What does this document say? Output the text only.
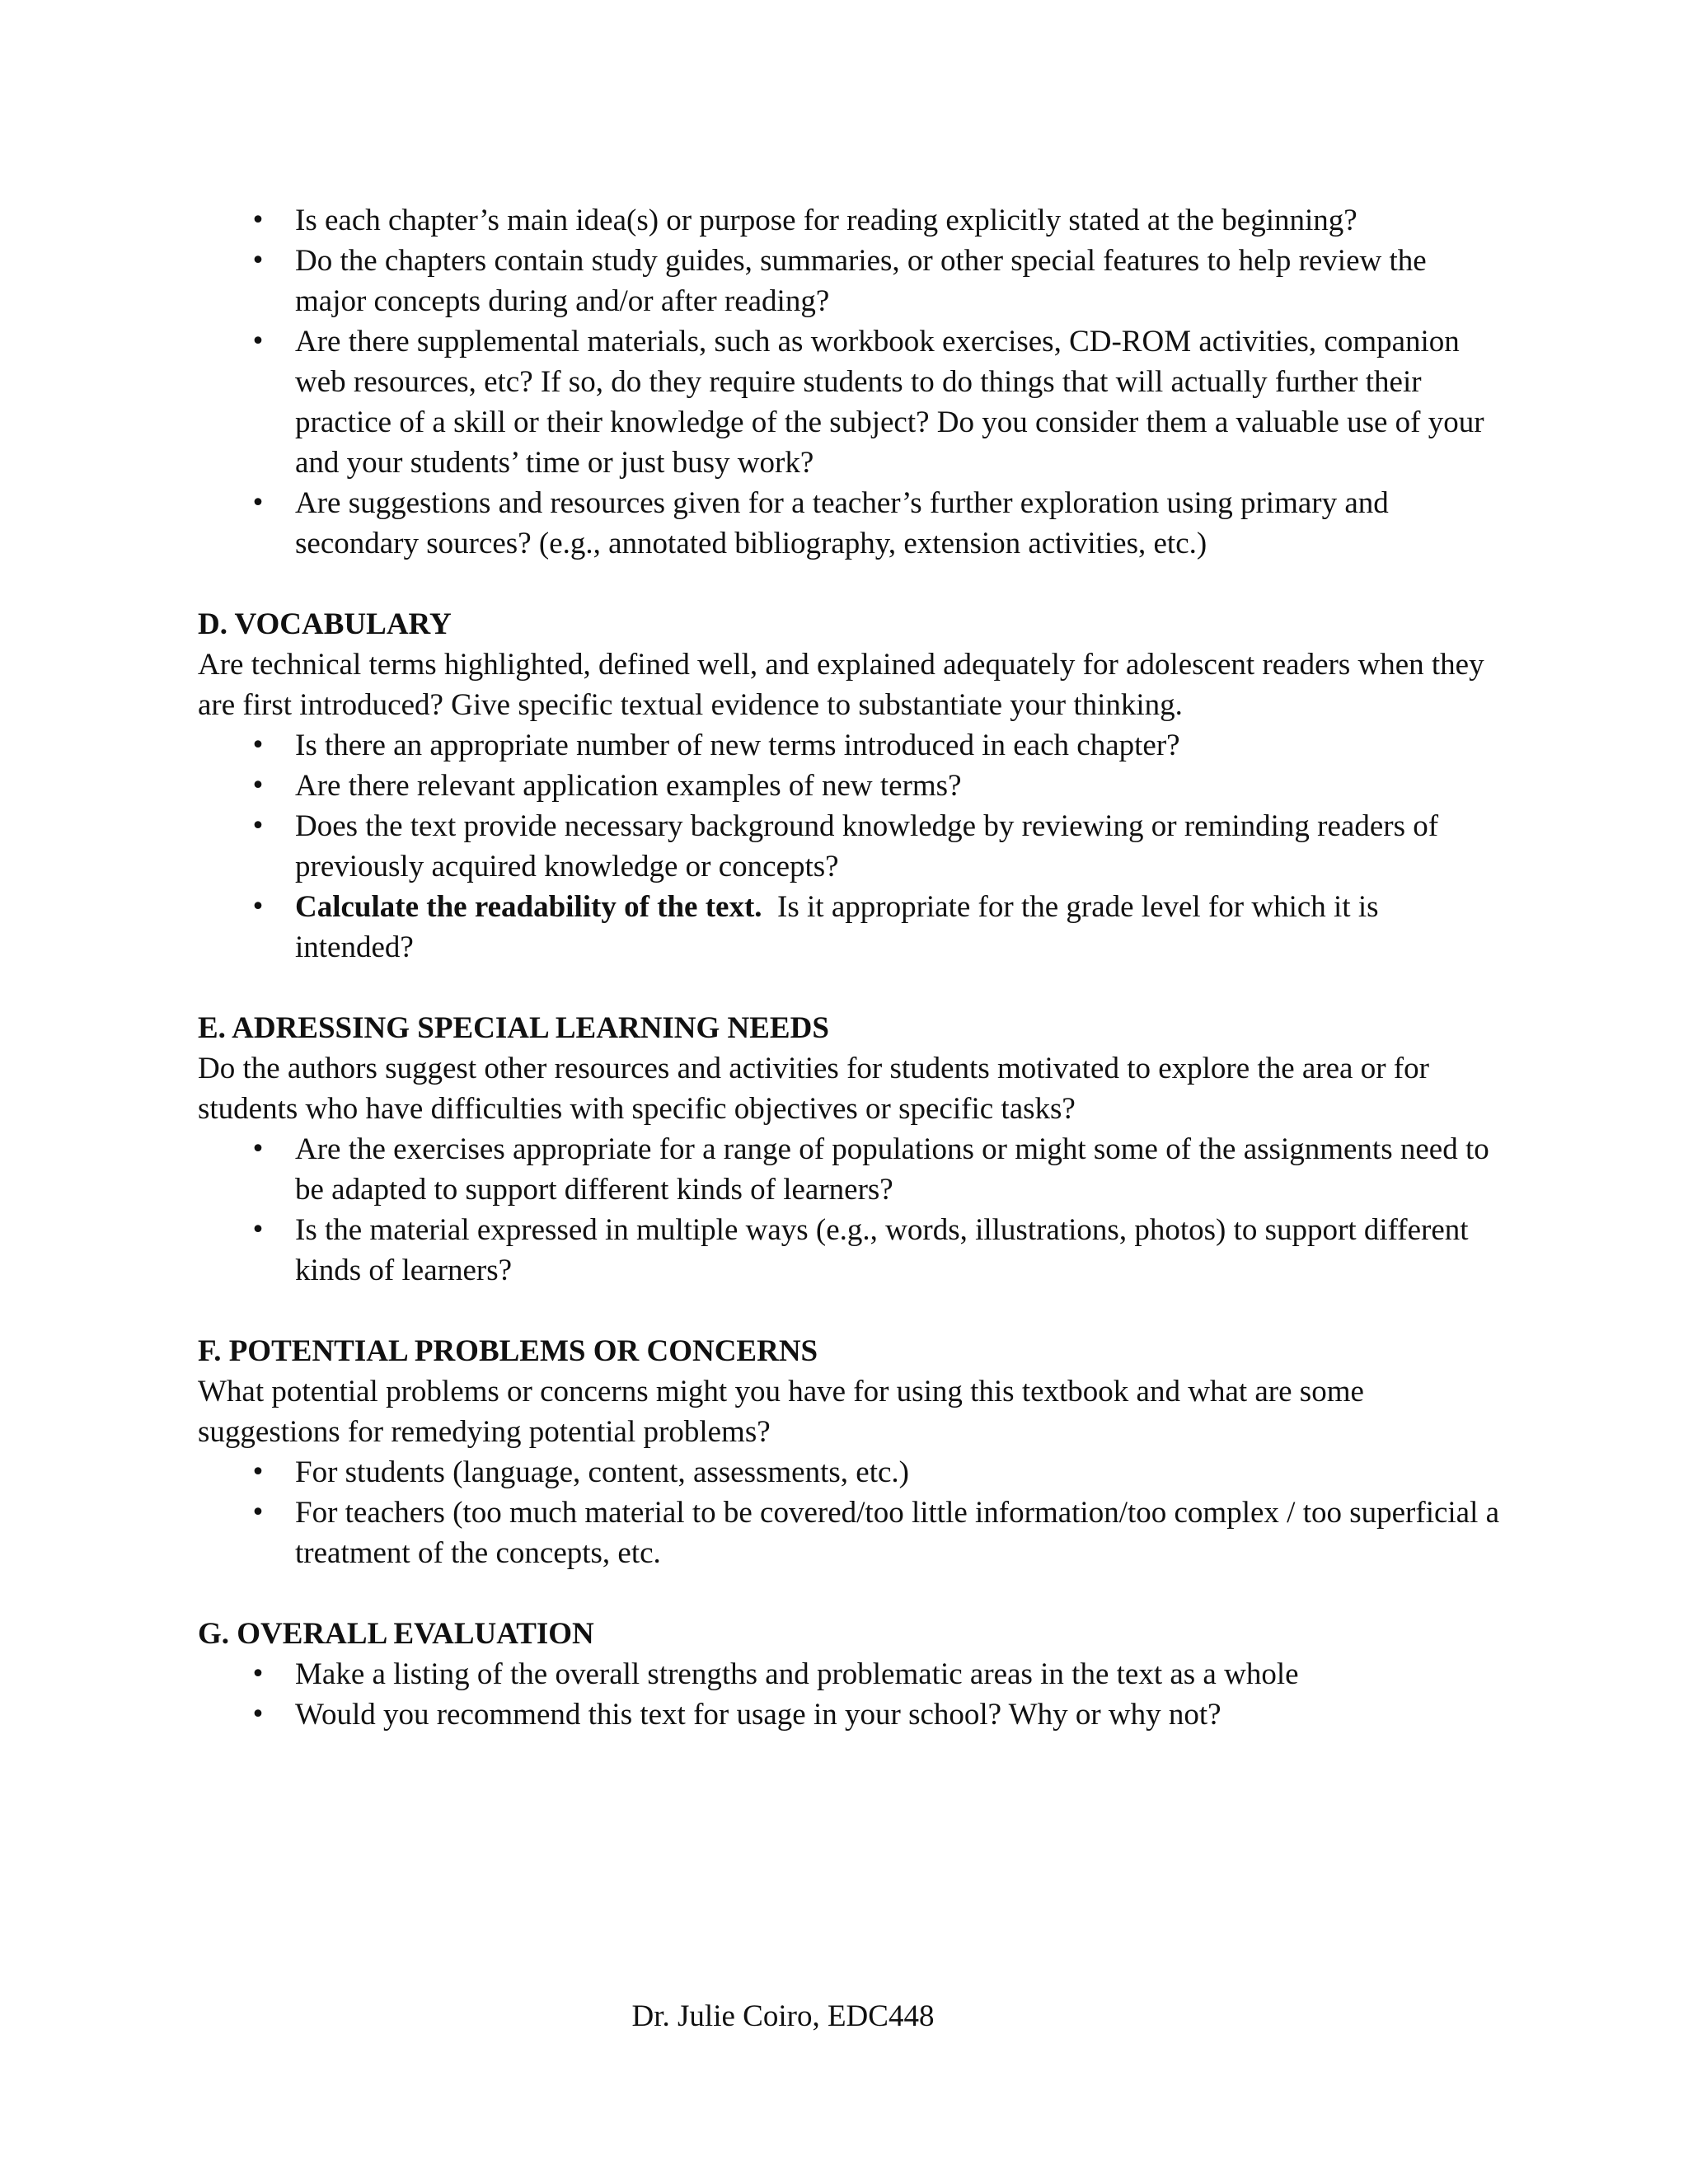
• Is each chapter’s main idea(s) or purpose for reading explicitly stated at the beginning?
• Do the chapters contain study guides, summaries, or other special features to help review the major concepts during and/or after reading?
• Are there supplemental materials, such as workbook exercises, CD-ROM activities, companion web resources, etc? If so, do they require students to do things that will actually further their practice of a skill or their knowledge of the subject? Do you consider them a valuable use of your and your students’ time or just busy work?
• Are suggestions and resources given for a teacher’s further exploration using primary and secondary sources? (e.g., annotated bibliography, extension activities, etc.)

D. VOCABULARY

Are technical terms highlighted, defined well, and explained adequately for adolescent readers when they are first introduced? Give specific textual evidence to substantiate your thinking.

• Is there an appropriate number of new terms introduced in each chapter?
• Are there relevant application examples of new terms?
• Does the text provide necessary background knowledge by reviewing or reminding readers of previously acquired knowledge or concepts?
• Calculate the readability of the text.  Is it appropriate for the grade level for which it is intended?

E. ADRESSING SPECIAL LEARNING NEEDS

Do the authors suggest other resources and activities for students motivated to explore the area or for students who have difficulties with specific objectives or specific tasks?

• Are the exercises appropriate for a range of populations or might some of the assignments need to be adapted to support different kinds of learners?
• Is the material expressed in multiple ways (e.g., words, illustrations, photos) to support different kinds of learners?

F. POTENTIAL PROBLEMS OR CONCERNS

What potential problems or concerns might you have for using this textbook and what are some suggestions for remedying potential problems?

• For students (language, content, assessments, etc.)
• For teachers (too much material to be covered/too little information/too complex / too superficial a treatment of the concepts, etc.

G. OVERALL EVALUATION

• Make a listing of the overall strengths and problematic areas in the text as a whole
• Would you recommend this text for usage in your school? Why or why not?

Dr. Julie Coiro, EDC448
